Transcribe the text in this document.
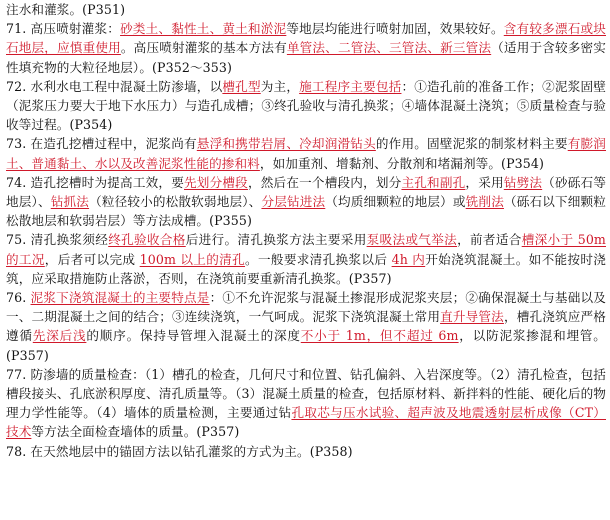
注水和灌浆。(P351)

71. 高压喷射灌浆：砂类土、黏性土、黄土和淤泥等地层均能进行喷射加固，效果较好。含有较多漂石或块石地层，应慎重使用。高压喷射灌浆的基本方法有单管法、二管法、三管法、新三管法（适用于含较多密实性填充物的大粒径地层）。(P352～353)

72. 水利水电工程中混凝土防渗墙，以槽孔型为主，施工程序主要包括：①造孔前的准备工作；②泥浆固壁（泥浆压力要大于地下水压力）与造孔成槽；③终孔验收与清孔换浆；④墙体混凝土浇筑；⑤质量检查与验收等过程。(P354)

73. 在造孔挖槽过程中，泥浆尚有悬浮和携带岩屑、冷却润滑钻头的作用。固壁泥浆的制浆材料主要有膨润土、普通黏土、水以及改善泥浆性能的掺和料，如加重剂、增黏剂、分散剂和堵漏剂等。(P354)

74. 造孔挖槽时为提高工效，要先划分槽段，然后在一个槽段内，划分主孔和副孔，采用钻劈法（砂砾石等地层）、钻抓法（粒径较小的松散软弱地层）、分层钻进法（均质细颗粒的地层）或铣削法（砾石以下细颗粒松散地层和软弱岩层）等方法成槽。(P355)

75. 清孔换浆须经终孔验收合格后进行。清孔换浆方法主要采用泵吸法或气举法，前者适合槽深小于 50m 的工况，后者可以完成 100m 以上的清孔。一般要求清孔换浆以后 4h 内开始浇筑混凝土。如不能按时浇筑，应采取措施防止落淤，否则，在浇筑前要重新清孔换浆。(P357)

76. 泥浆下浇筑混凝土的主要特点是：①不允许泥浆与混凝土掺混形成泥浆夹层；②确保混凝土与基础以及一、二期混凝土之间的结合；③连续浇筑，一气呵成。泥浆下浇筑混凝土常用直升导管法，槽孔浇筑应严格遵循先深后浅的顺序。保持导管埋入混凝土的深度不小于 1m，但不超过 6m，以防泥浆掺混和埋管。(P357)

77. 防渗墙的质量检查：（1）槽孔的检查，几何尺寸和位置、钻孔偏斜、入岩深度等。（2）清孔检查，包括槽段接头、孔底淤积厚度、清孔质量等。（3）混凝土质量的检查，包括原材料、新拌料的性能、硬化后的物理力学性能等。（4）墙体的质量检测，主要通过钻孔取芯与压水试验、超声波及地震透射层析成像（CT）技术等方法全面检查墙体的质量。(P357)

78. 在天然地层中的锚固方法以钻孔灌浆的方式为主。(P358)
